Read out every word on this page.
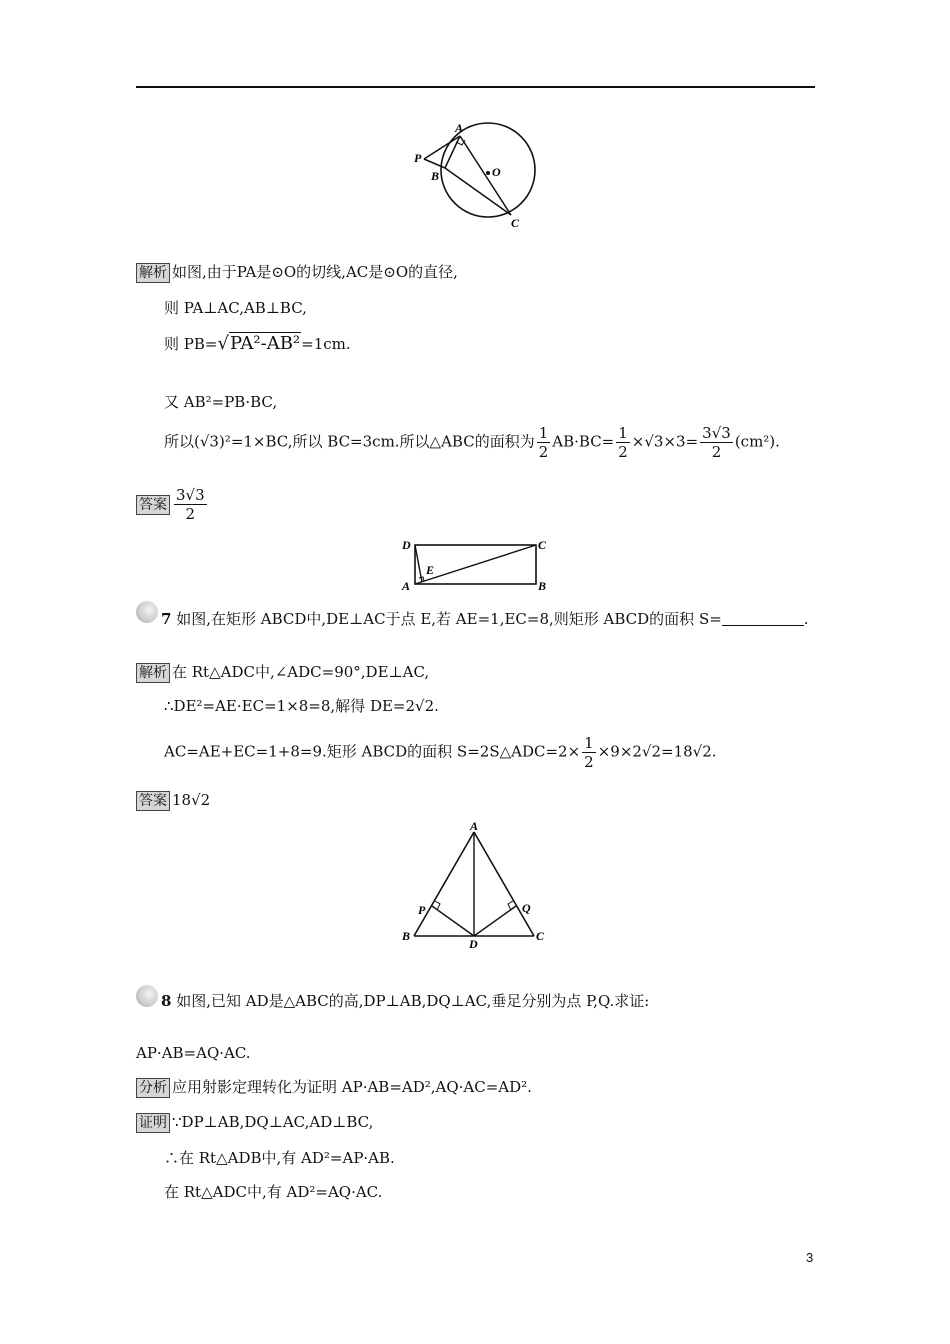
P
A
B	O
C
解析 如图,由于PA是⊙O的切线,AC是⊙O的直径,
则 PA⊥AC,AB⊥BC,
则 PB=√PA²-AB²=1cm.
又 AB²=PB·BC,
所以(√3)²=1×BC,所以 BC=3cm.所以△ABC的面积为 $\frac{1}{2} AB\cdot BC= \frac{1}{2} \times√3\times 3= \frac{3√3}{2} (cm^2)$.
答案 $\frac{3√3}{2}$
D	C
A	B
E
7 如图,在矩形 ABCD中,DE⊥AC于点 E,若 AE=1,EC=8,则矩形 ABCD的面积 S=	.
解析 在 Rt△ADC中,∠ADC=90°,DE⊥AC,
∴DE²=AE·EC=1×8=8,解得 DE=2√2.
AC=AE+EC=1+8=9.矩形 ABCD的面积 S=2S△ADC=2× $\frac{1}{2} \times 9\times 2√2=18√2$.
答案 18√2
A
P	Q
B
D
C
8 如图,已知 AD是△ABC的高,DP⊥AB,DQ⊥AC,垂足分别为点 P,Q.求证:
AP·AB=AQ·AC.
分析 应用射影定理转化为证明 AP·AB=AD²,AQ·AC=AD².
证明 ∵DP⊥AB,DQ⊥AC,AD⊥BC,
∴在 Rt△ADB中,有 AD²=AP·AB.
在 Rt△ADC中,有 AD²=AQ·AC.
3
